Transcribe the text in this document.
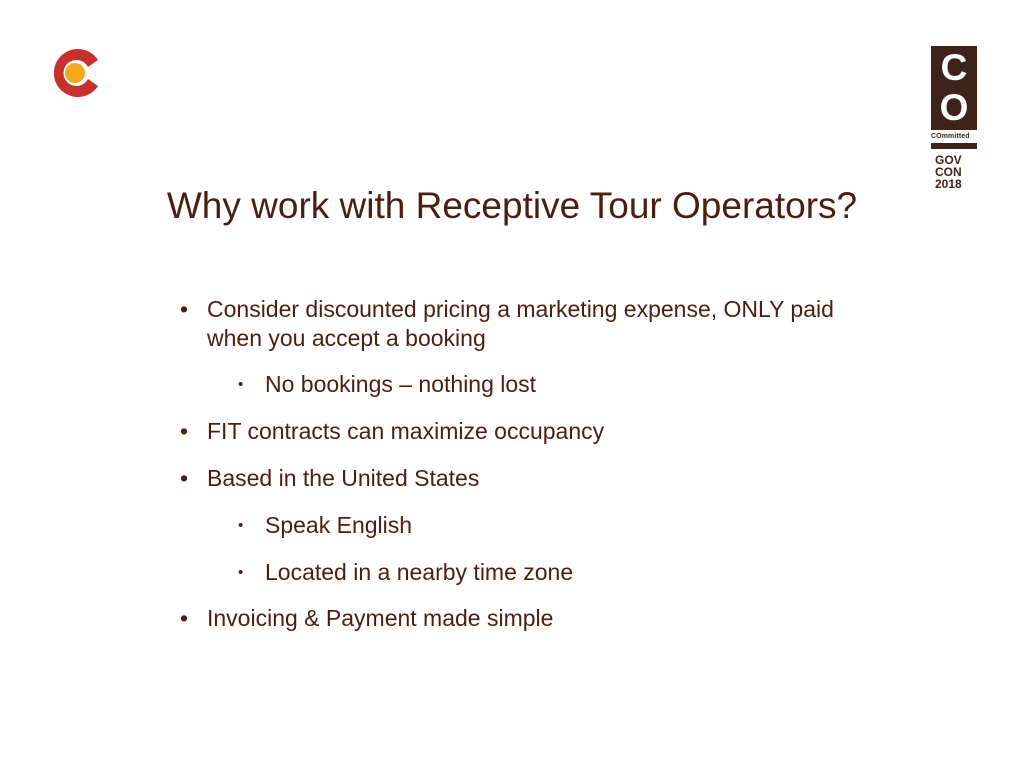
C
O
COmmitted
GOV
CON
2018
Why work with Receptive Tour Operators?
• Consider discounted pricing a marketing expense, ONLY paid when you accept a booking
• No bookings – nothing lost
• FIT contracts can maximize occupancy
• Based in the United States
• Speak English
• Located in a nearby time zone
• Invoicing & Payment made simple
